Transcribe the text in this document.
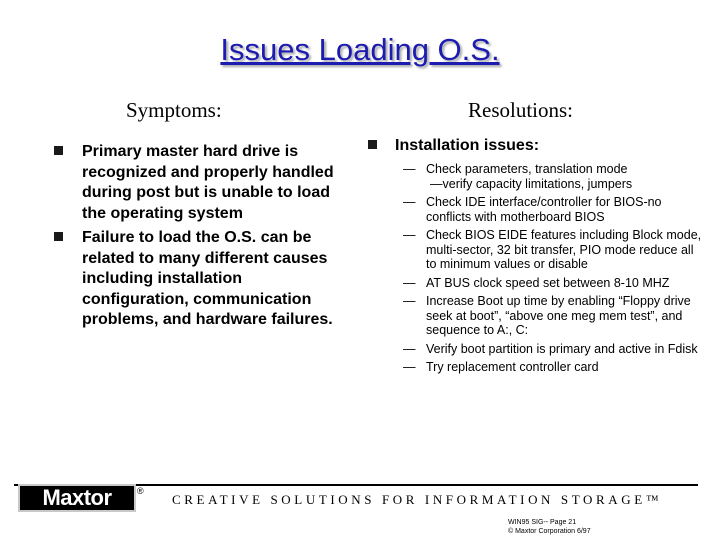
Issues Loading O.S.
Symptoms:	Resolutions:
Primary master hard drive is recognized and properly handled during post but is unable to load the operating system
Failure to load the O.S. can be related to many different causes including installation configuration, communication problems, and hardware failures.
Installation issues:
— Check parameters, translation mode
—verify capacity limitations, jumpers
— Check IDE interface/controller for BIOS-no conflicts with motherboard BIOS
— Check BIOS EIDE features including Block mode, multi-sector, 32 bit transfer, PIO mode reduce all to minimum values or disable
— AT BUS clock speed set between 8-10 MHZ
— Increase Boot up time by enabling “Floppy drive seek at boot”, “above one meg mem test”, and sequence to A:, C:
— Verify boot partition is primary and active in Fdisk
— Try replacement controller card
Maxtor	®
CREATIVE SOLUTIONS FOR INFORMATION STORAGE™
WIN95 SIG-- Page 21
© Maxtor Corporation 6/97
